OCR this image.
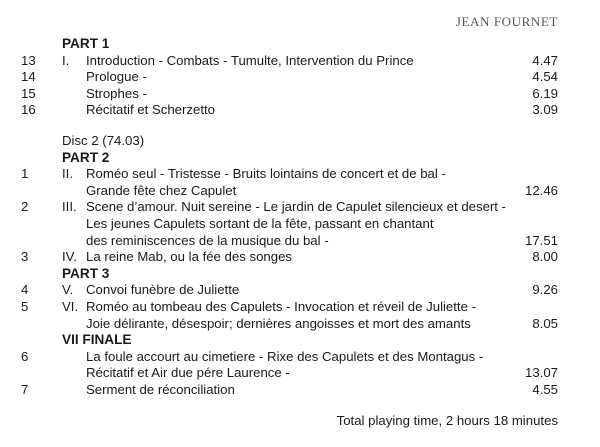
JEAN FOURNET
PART 1
13 I. Introduction - Combats - Tumulte, Intervention du Prince	4.47
14	Prologue -	4.54
15	Strophes -	6.19
16	Récitatif et Scherzetto	3.09
Disc 2 (74.03)
PART 2
1	II. Roméo seul - Tristesse - Bruits lointains de concert et de bal -
Grande fête chez Capulet	12.46
2	III. Scene d’amour. Nuit sereine - Le jardin de Capulet silencieux et desert -
Les jeunes Capulets sortant de la fête, passant en chantant
des reminiscences de la musique du bal -	17.51
3	IV. La reine Mab, ou la fée des songes	8.00
PART 3
4	V. Convoi funèbre de Juliette	9.26
5	VI. Roméo au tombeau des Capulets - Invocation et réveil de Juliette -
Joie délirante, désespoir; dernières angoisses et mort des amants	8.05
VII FINALE
6	La foule accourt au cimetiere - Rixe des Capulets et des Montagus -
Récitatif et Air due pére Laurence -	13.07
7	Serment de réconciliation	4.55
Total playing time, 2 hours 18 minutes
